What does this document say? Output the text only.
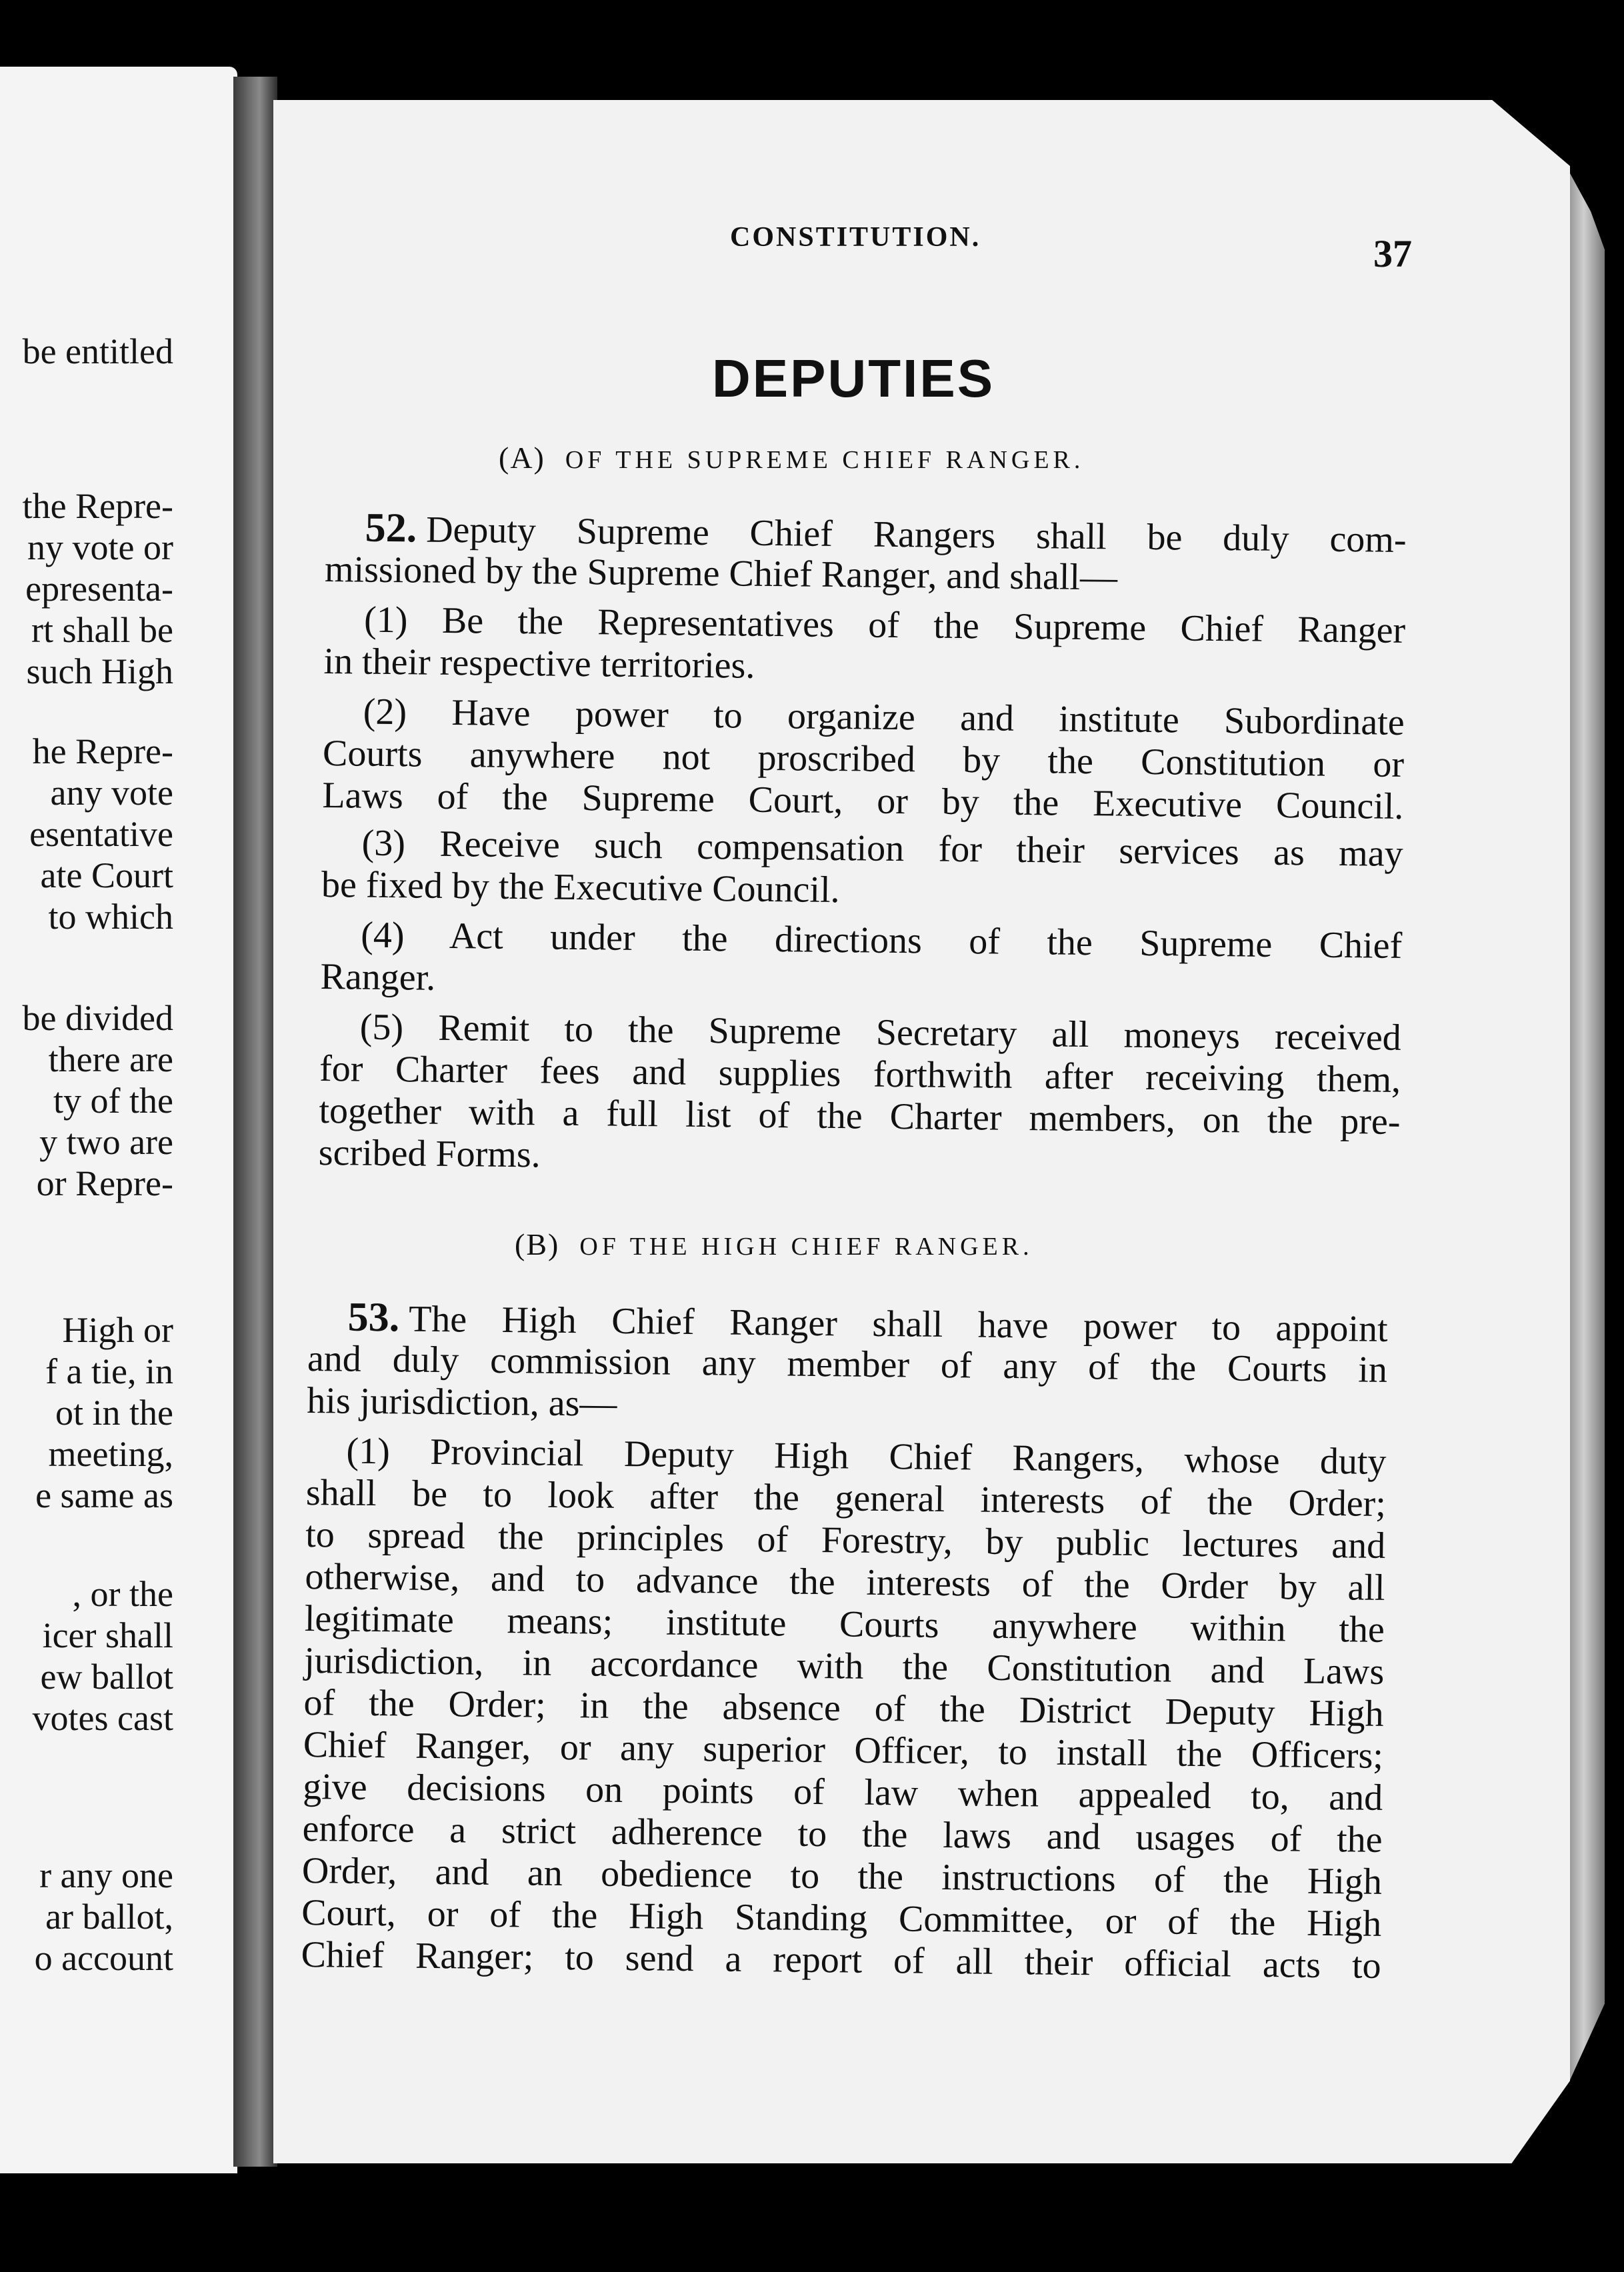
be entitled
the Repre-
ny vote or
epresenta-
rt shall be
such High
he Repre-
any vote
esentative
ate Court
to which
be divided
there are
ty of the
y two are
or Repre-
High or
f a tie, in
ot in the
meeting,
e same as
, or the
icer shall
ew ballot
votes cast
r any one
ar ballot,
o account
CONSTITUTION.	37
DEPUTIES
(A) OF THE SUPREME CHIEF RANGER.
52. Deputy Supreme Chief Rangers shall be duly com-
missioned by the Supreme Chief Ranger, and shall—
(1) Be the Representatives of the Supreme Chief Ranger
in their respective territories.
(2) Have power to organize and institute Subordinate
Courts anywhere not proscribed by the Constitution or
Laws of the Supreme Court, or by the Executive Council.
(3) Receive such compensation for their services as may
be fixed by the Executive Council.
(4) Act under the directions of the Supreme Chief
Ranger.
(5) Remit to the Supreme Secretary all moneys received
for Charter fees and supplies forthwith after receiving them,
together with a full list of the Charter members, on the pre-
scribed Forms.
(B) OF THE HIGH CHIEF RANGER.
53. The High Chief Ranger shall have power to appoint
and duly commission any member of any of the Courts in
his jurisdiction, as—
(1) Provincial Deputy High Chief Rangers, whose duty
shall be to look after the general interests of the Order;
to spread the principles of Forestry, by public lectures and
otherwise, and to advance the interests of the Order by all
legitimate means; institute Courts anywhere within the
jurisdiction, in accordance with the Constitution and Laws
of the Order; in the absence of the District Deputy High
Chief Ranger, or any superior Officer, to install the Officers;
give decisions on points of law when appealed to, and
enforce a strict adherence to the laws and usages of the
Order, and an obedience to the instructions of the High
Court, or of the High Standing Committee, or of the High
Chief Ranger; to send a report of all their official acts to
